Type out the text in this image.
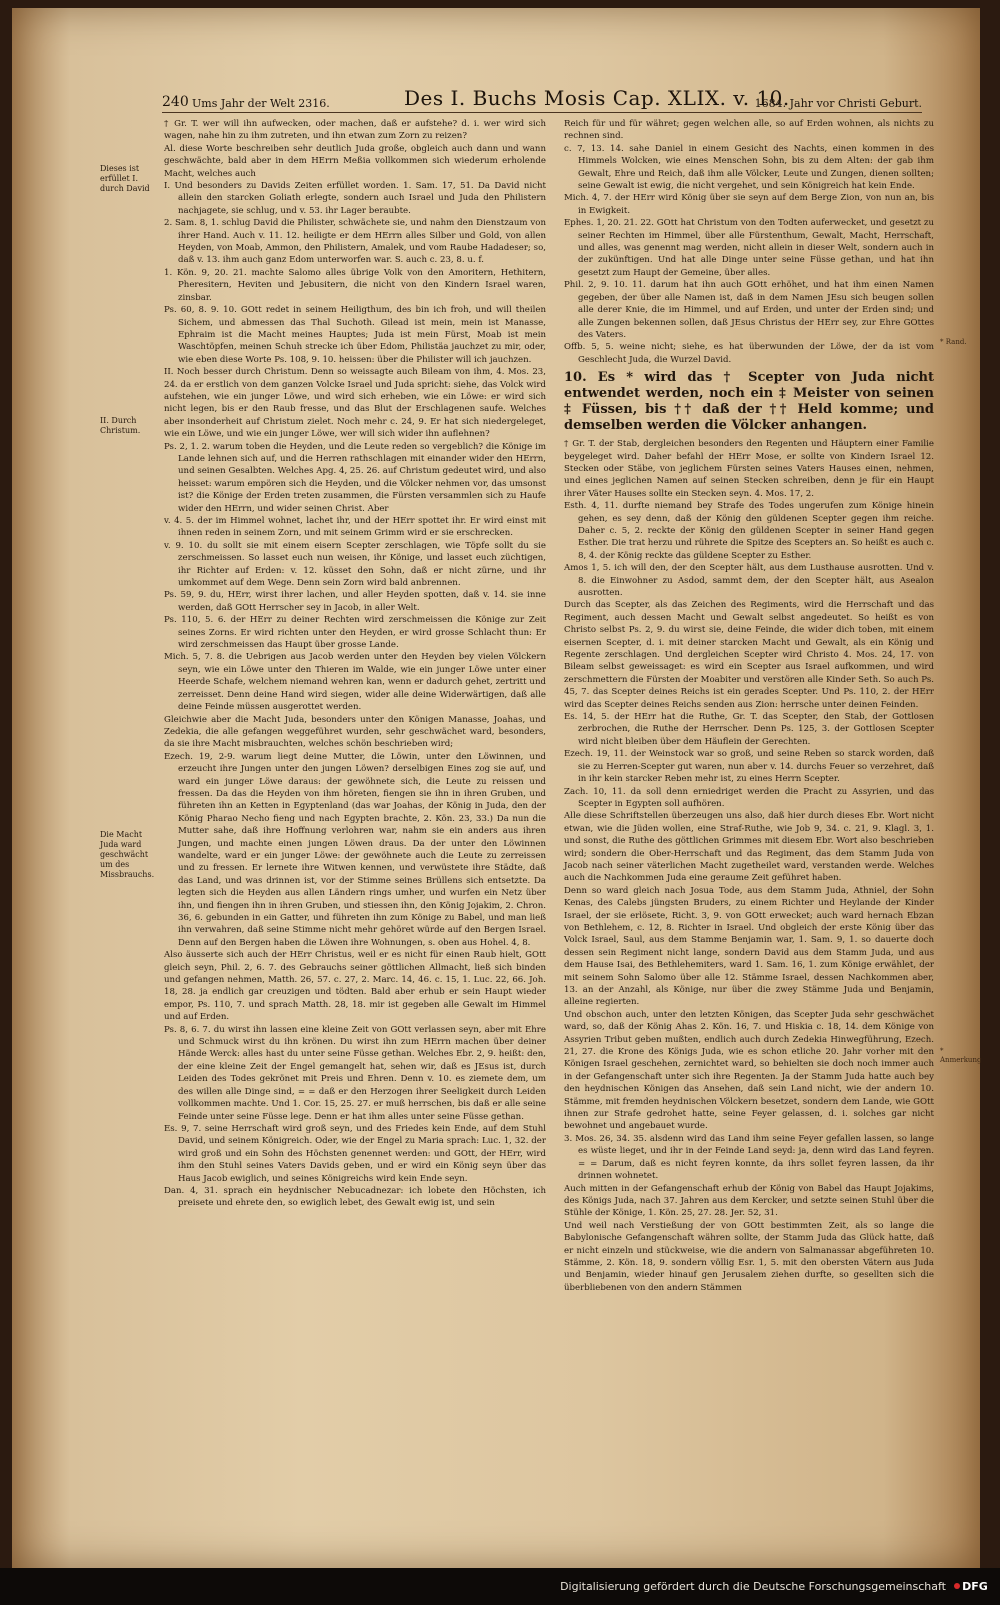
240 Ums Jahr der Welt 2316.	Des I. Buchs Mosis Cap. XLIX. v. 10.
1684. Jahr vor Christi Geburt.
Dieses ist erfüllet I. durch David
II. Durch Christum.
Die Macht Juda ward geschwächt um des Missbrauchs.

† Gr. T. wer will ihn aufwecken, oder machen, daß er aufstehe? d. i. wer wird sich wagen, nahe hin zu ihm zutreten, und ihn etwan zum Zorn zu reizen?

Al. diese Worte beschreiben sehr deutlich Juda große, obgleich auch dann und wann geschwächte, bald aber in dem HErrn Meßia vollkommen sich wiederum erholende Macht, welches auch

I. Und besonders zu Davids Zeiten erfüllet worden. 1. Sam. 17, 51. Da David nicht allein den starcken Goliath erlegte, sondern auch Israel und Juda den Philistern nachjagete, sie schlug, und v. 53. ihr Lager beraubte.

2. Sam. 8, 1. schlug David die Philister, schwächete sie, und nahm den Dienstzaum von ihrer Hand. Auch v. 11. 12. heiligte er dem HErrn alles Silber und Gold, von allen Heyden, von Moab, Ammon, den Philistern, Amalek, und vom Raube Hadadeser; so, daß v. 13. ihm auch ganz Edom unterworfen war. S. auch c. 23, 8. u. f.

1. Kön. 9, 20. 21. machte Salomo alles übrige Volk von den Amoritern, Hethitern, Pheresitern, Heviten und Jebusitern, die nicht von den Kindern Israel waren, zinsbar.

Ps. 60, 8. 9. 10. GOtt redet in seinem Heiligthum, des bin ich froh, und will theilen Sichem, und abmessen das Thal Suchoth. Gilead ist mein, mein ist Manasse, Ephraim ist die Macht meines Hauptes; Juda ist mein Fürst, Moab ist mein Waschtöpfen, meinen Schuh strecke ich über Edom, Philistäa jauchzet zu mir, oder, wie eben diese Worte Ps. 108, 9. 10. heissen: über die Philister will ich jauchzen.

II. Noch besser durch Christum. Denn so weissagte auch Bileam von ihm, 4. Mos. 23, 24. da er erstlich von dem ganzen Volcke Israel und Juda spricht: siehe, das Volck wird aufstehen, wie ein junger Löwe, und wird sich erheben, wie ein Löwe: er wird sich nicht legen, bis er den Raub fresse, und das Blut der Erschlagenen saufe. Welches aber insonderheit auf Christum zielet. Noch mehr c. 24, 9. Er hat sich niedergeleget, wie ein Löwe, und wie ein junger Löwe, wer will sich wider ihn auflehnen?

Ps. 2, 1. 2. warum toben die Heyden, und die Leute reden so vergeblich? die Könige im Lande lehnen sich auf, und die Herren rathschlagen mit einander wider den HErrn, und seinen Gesalbten. Welches Apg. 4, 25. 26. auf Christum gedeutet wird, und also heisset: warum empören sich die Heyden, und die Völcker nehmen vor, das umsonst ist? die Könige der Erden treten zusammen, die Fürsten versammlen sich zu Haufe wider den HErrn, und wider seinen Christ. Aber

v. 4. 5. der im Himmel wohnet, lachet ihr, und der HErr spottet ihr. Er wird einst mit ihnen reden in seinem Zorn, und mit seinem Grimm wird er sie erschrecken.

v. 9. 10. du sollt sie mit einem eisern Scepter zerschlagen, wie Töpfe sollt du sie zerschmeissen. So lasset euch nun weisen, ihr Könige, und lasset euch züchtigen, ihr Richter auf Erden: v. 12. küsset den Sohn, daß er nicht zürne, und ihr umkommet auf dem Wege. Denn sein Zorn wird bald anbrennen.

Ps. 59, 9. du, HErr, wirst ihrer lachen, und aller Heyden spotten, daß v. 14. sie inne werden, daß GOtt Herrscher sey in Jacob, in aller Welt.

Ps. 110, 5. 6. der HErr zu deiner Rechten wird zerschmeissen die Könige zur Zeit seines Zorns. Er wird richten unter den Heyden, er wird grosse Schlacht thun: Er wird zerschmeissen das Haupt über grosse Lande.

Mich. 5, 7. 8. die Uebrigen aus Jacob werden unter den Heyden bey vielen Völckern seyn, wie ein Löwe unter den Thieren im Walde, wie ein junger Löwe unter einer Heerde Schafe, welchem niemand wehren kan, wenn er dadurch gehet, zertritt und zerreisset. Denn deine Hand wird siegen, wider alle deine Widerwärtigen, daß alle deine Feinde müssen ausgerottet werden.

Gleichwie aber die Macht Juda, besonders unter den Königen Manasse, Joahas, und Zedekia, die alle gefangen weggeführet wurden, sehr geschwächet ward, besonders, da sie ihre Macht misbrauchten, welches schön beschrieben wird;

Ezech. 19, 2-9. warum liegt deine Mutter, die Löwin, unter den Löwinnen, und erzeucht ihre Jungen unter den jungen Löwen? derselbigen Eines zog sie auf, und ward ein junger Löwe daraus: der gewöhnete sich, die Leute zu reissen und fressen. Da das die Heyden von ihm höreten, fiengen sie ihn in ihren Gruben, und führeten ihn an Ketten in Egyptenland (das war Joahas, der König in Juda, den der König Pharao Necho fieng und nach Egypten brachte, 2. Kön. 23, 33.) Da nun die Mutter sahe, daß ihre Hoffnung verlohren war, nahm sie ein anders aus ihren Jungen, und machte einen jungen Löwen draus. Da der unter den Löwinnen wandelte, ward er ein junger Löwe: der gewöhnete auch die Leute zu zerreissen und zu fressen. Er lernete ihre Witwen kennen, und verwüstete ihre Städte, daß das Land, und was drinnen ist, vor der Stimme seines Brüllens sich entsetzte. Da legten sich die Heyden aus allen Ländern rings umher, und wurfen ein Netz über ihn, und fiengen ihn in ihren Gruben, und stiessen ihn, den König Jojakim, 2. Chron. 36, 6. gebunden in ein Gatter, und führeten ihn zum Könige zu Babel, und man ließ ihn verwahren, daß seine Stimme nicht mehr gehöret würde auf den Bergen Israel. Denn auf den Bergen haben die Löwen ihre Wohnungen, s. oben aus Hohel. 4, 8.

Also äusserte sich auch der HErr Christus, weil er es nicht für einen Raub hielt, GOtt gleich seyn, Phil. 2, 6. 7. des Gebrauchs seiner göttlichen Allmacht, ließ sich binden und gefangen nehmen, Matth. 26, 57. c. 27, 2. Marc. 14, 46. c. 15, 1. Luc. 22, 66. Joh. 18, 28. ja endlich gar creuzigen und tödten. Bald aber erhub er sein Haupt wieder empor, Ps. 110, 7. und sprach Matth. 28, 18. mir ist gegeben alle Gewalt im Himmel und auf Erden.

Ps. 8, 6. 7. du wirst ihn lassen eine kleine Zeit von GOtt verlassen seyn, aber mit Ehre und Schmuck wirst du ihn krönen. Du wirst ihn zum HErrn machen über deiner Hände Werck: alles hast du unter seine Füsse gethan. Welches Ebr. 2, 9. heißt: den, der eine kleine Zeit der Engel gemangelt hat, sehen wir, daß es JEsus ist, durch Leiden des Todes gekrönet mit Preis und Ehren. Denn v. 10. es ziemete dem, um des willen alle Dinge sind, = = daß er den Herzogen ihrer Seeligkeit durch Leiden vollkommen machte. Und 1. Cor. 15, 25. 27. er muß herrschen, bis daß er alle seine Feinde unter seine Füsse lege. Denn er hat ihm alles unter seine Füsse gethan.

Es. 9, 7. seine Herrschaft wird groß seyn, und des Friedes kein Ende, auf dem Stuhl David, und seinem Königreich. Oder, wie der Engel zu Maria sprach: Luc. 1, 32. der wird groß und ein Sohn des Höchsten genennet werden: und GOtt, der HErr, wird ihm den Stuhl seines Vaters Davids geben, und er wird ein König seyn über das Haus Jacob ewiglich, und seines Königreichs wird kein Ende seyn.

Dan. 4, 31. sprach ein heydnischer Nebucadnezar: ich lobete den Höchsten, ich preisete und ehrete den, so ewiglich lebet, des Gewalt ewig ist, und sein

Reich für und für währet; gegen welchen alle, so auf Erden wohnen, als nichts zu rechnen sind.

c. 7, 13. 14. sahe Daniel in einem Gesicht des Nachts, einen kommen in des Himmels Wolcken, wie eines Menschen Sohn, bis zu dem Alten: der gab ihm Gewalt, Ehre und Reich, daß ihm alle Völcker, Leute und Zungen, dienen sollten; seine Gewalt ist ewig, die nicht vergehet, und sein Königreich hat kein Ende.

Mich. 4, 7. der HErr wird König über sie seyn auf dem Berge Zion, von nun an, bis in Ewigkeit.

Ephes. 1, 20. 21. 22. GOtt hat Christum von den Todten auferwecket, und gesetzt zu seiner Rechten im Himmel, über alle Fürstenthum, Gewalt, Macht, Herrschaft, und alles, was genennt mag werden, nicht allein in dieser Welt, sondern auch in der zukünftigen. Und hat alle Dinge unter seine Füsse gethan, und hat ihn gesetzt zum Haupt der Gemeine, über alles.

Phil. 2, 9. 10. 11. darum hat ihn auch GOtt erhöhet, und hat ihm einen Namen gegeben, der über alle Namen ist, daß in dem Namen JEsu sich beugen sollen alle derer Knie, die im Himmel, und auf Erden, und unter der Erden sind; und alle Zungen bekennen sollen, daß JEsus Christus der HErr sey, zur Ehre GOttes des Vaters.

Offb. 5, 5. weine nicht; siehe, es hat überwunden der Löwe, der da ist vom Geschlecht Juda, die Wurzel David.

10. Es * wird das † Scepter von Juda nicht entwendet werden, noch ein ‡ Meister von seinen ‡ Füssen, bis †† daß der †† Held komme; und demselben werden die Völcker anhangen.

† Gr. T. der Stab, dergleichen besonders den Regenten und Häuptern einer Familie beygeleget wird. Daher befahl der HErr Mose, er sollte von Kindern Israel 12. Stecken oder Stäbe, von jeglichem Fürsten seines Vaters Hauses einen, nehmen, und eines jeglichen Namen auf seinen Stecken schreiben, denn je für ein Haupt ihrer Väter Hauses sollte ein Stecken seyn. 4. Mos. 17, 2.

Esth. 4, 11. durfte niemand bey Strafe des Todes ungerufen zum Könige hinein gehen, es sey denn, daß der König den güldenen Scepter gegen ihm reiche. Daher c. 5, 2. reckte der König den güldenen Scepter in seiner Hand gegen Esther. Die trat herzu und rührete die Spitze des Scepters an. So heißt es auch c. 8, 4. der König reckte das güldene Scepter zu Esther.

Amos 1, 5. ich will den, der den Scepter hält, aus dem Lusthause ausrotten. Und v. 8. die Einwohner zu Asdod, sammt dem, der den Scepter hält, aus Asealon ausrotten.

Durch das Scepter, als das Zeichen des Regiments, wird die Herrschaft und das Regiment, auch dessen Macht und Gewalt selbst angedeutet. So heißt es von Christo selbst Ps. 2, 9. du wirst sie, deine Feinde, die wider dich toben, mit einem eisernen Scepter, d. i. mit deiner starcken Macht und Gewalt, als ein König und Regente zerschlagen. Und dergleichen Scepter wird Christo 4. Mos. 24, 17. von Bileam selbst geweissaget: es wird ein Scepter aus Israel aufkommen, und wird zerschmettern die Fürsten der Moabiter und verstören alle Kinder Seth. So auch Ps. 45, 7. das Scepter deines Reichs ist ein gerades Scepter. Und Ps. 110, 2. der HErr wird das Scepter deines Reichs senden aus Zion: herrsche unter deinen Feinden.

Es. 14, 5. der HErr hat die Ruthe, Gr. T. das Scepter, den Stab, der Gottlosen zerbrochen, die Ruthe der Herrscher. Denn Ps. 125, 3. der Gottlosen Scepter wird nicht bleiben über dem Häuflein der Gerechten.

Ezech. 19, 11. der Weinstock war so groß, und seine Reben so starck worden, daß sie zu Herren-Scepter gut waren, nun aber v. 14. durchs Feuer so verzehret, daß in ihr kein starcker Reben mehr ist, zu eines Herrn Scepter.

Zach. 10, 11. da soll denn erniedriget werden die Pracht zu Assyrien, und das Scepter in Egypten soll aufhören.

Alle diese Schriftstellen überzeugen uns also, daß hier durch dieses Ebr. Wort nicht etwan, wie die Jüden wollen, eine Straf-Ruthe, wie Job 9, 34. c. 21, 9. Klagl. 3, 1. und sonst, die Ruthe des göttlichen Grimmes mit diesem Ebr. Wort also beschrieben wird; sondern die Ober-Herrschaft und das Regiment, das dem Stamm Juda von Jacob nach seiner väterlichen Macht zugetheilet ward, verstanden werde. Welches auch die Nachkommen Juda eine geraume Zeit geführet haben.

Denn so ward gleich nach Josua Tode, aus dem Stamm Juda, Athniel, der Sohn Kenas, des Calebs jüngsten Bruders, zu einem Richter und Heylande der Kinder Israel, der sie erlösete, Richt. 3, 9. von GOtt erwecket; auch ward hernach Ebzan von Bethlehem, c. 12, 8. Richter in Israel. Und obgleich der erste König über das Volck Israel, Saul, aus dem Stamme Benjamin war, 1. Sam. 9, 1. so dauerte doch dessen sein Regiment nicht lange, sondern David aus dem Stamm Juda, und aus dem Hause Isai, des Bethlehemiters, ward 1. Sam. 16, 1. zum Könige erwählet, der mit seinem Sohn Salomo über alle 12. Stämme Israel, dessen Nachkommen aber, 13. an der Anzahl, als Könige, nur über die zwey Stämme Juda und Benjamin, alleine regierten.

Und obschon auch, unter den letzten Königen, das Scepter Juda sehr geschwächet ward, so, daß der König Ahas 2. Kön. 16, 7. und Hiskia c. 18, 14. dem Könige von Assyrien Tribut geben mußten, endlich auch durch Zedekia Hinwegführung, Ezech. 21, 27. die Krone des Königs Juda, wie es schon etliche 20. Jahr vorher mit den Königen Israel geschehen, zernichtet ward, so behielten sie doch noch immer auch in der Gefangenschaft unter sich ihre Regenten. Ja der Stamm Juda hatte auch bey den heydnischen Königen das Ansehen, daß sein Land nicht, wie der andern 10. Stämme, mit fremden heydnischen Völckern besetzet, sondern dem Lande, wie GOtt ihnen zur Strafe gedrohet hatte, seine Feyer gelassen, d. i. solches gar nicht bewohnet und angebauet wurde.

3. Mos. 26, 34. 35. alsdenn wird das Land ihm seine Feyer gefallen lassen, so lange es wüste lieget, und ihr in der Feinde Land seyd: ja, denn wird das Land feyren. = = Darum, daß es nicht feyren konnte, da ihrs sollet feyren lassen, da ihr drinnen wohnetet.

Auch mitten in der Gefangenschaft erhub der König von Babel das Haupt Jojakims, des Königs Juda, nach 37. Jahren aus dem Kercker, und setzte seinen Stuhl über die Stühle der Könige, 1. Kön. 25, 27. 28. Jer. 52, 31.

Und weil nach Verstießung der von GOtt bestimmten Zeit, als so lange die Babylonische Gefangenschaft währen sollte, der Stamm Juda das Glück hatte, daß er nicht einzeln und stückweise, wie die andern von Salmanassar abgeführeten 10. Stämme, 2. Kön. 18, 9. sondern völlig Esr. 1, 5. mit den obersten Vätern aus Juda und Benjamin, wieder hinauf gen Jerusalem ziehen durfte, so gesellten sich die überbliebenen von den andern Stämmen

* Rand.
* Anmerkung
Digitalisierung gefördert durch die Deutsche Forschungsgemeinschaft	DFG
